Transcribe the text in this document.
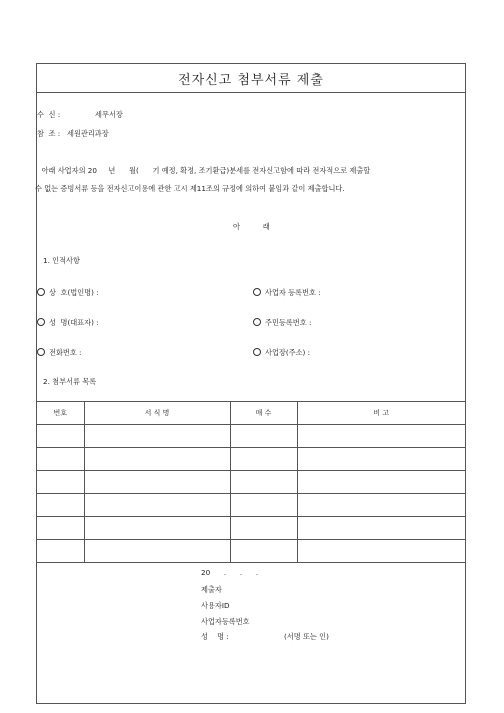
전자신고 첨부서류 제출
수  신 :	세무서장
참  조 : 세원관리과장
아래 사업자의 20     년      월(      기 예정, 확정, 조기환급)분세를 전자신고함에 따라 전자적으로 제출할
수 없는 증빙서류 등을 전자신고이용에 관한 고시 제11조의 규정에 의하여 붙임과 같이 제출합니다.
아          래
1. 인적사항
상  호(법인명) :	사업자 등록번호 :
성  명(대표자) :	주민등록번호 :
전화번호 :	사업장(주소) :
2. 첨부서류 목록
번호	서 식 명	매 수	비 고

20      .      .      .
제출자
사용자ID
사업자등록번호
성    명 :	(서명 또는 인)
